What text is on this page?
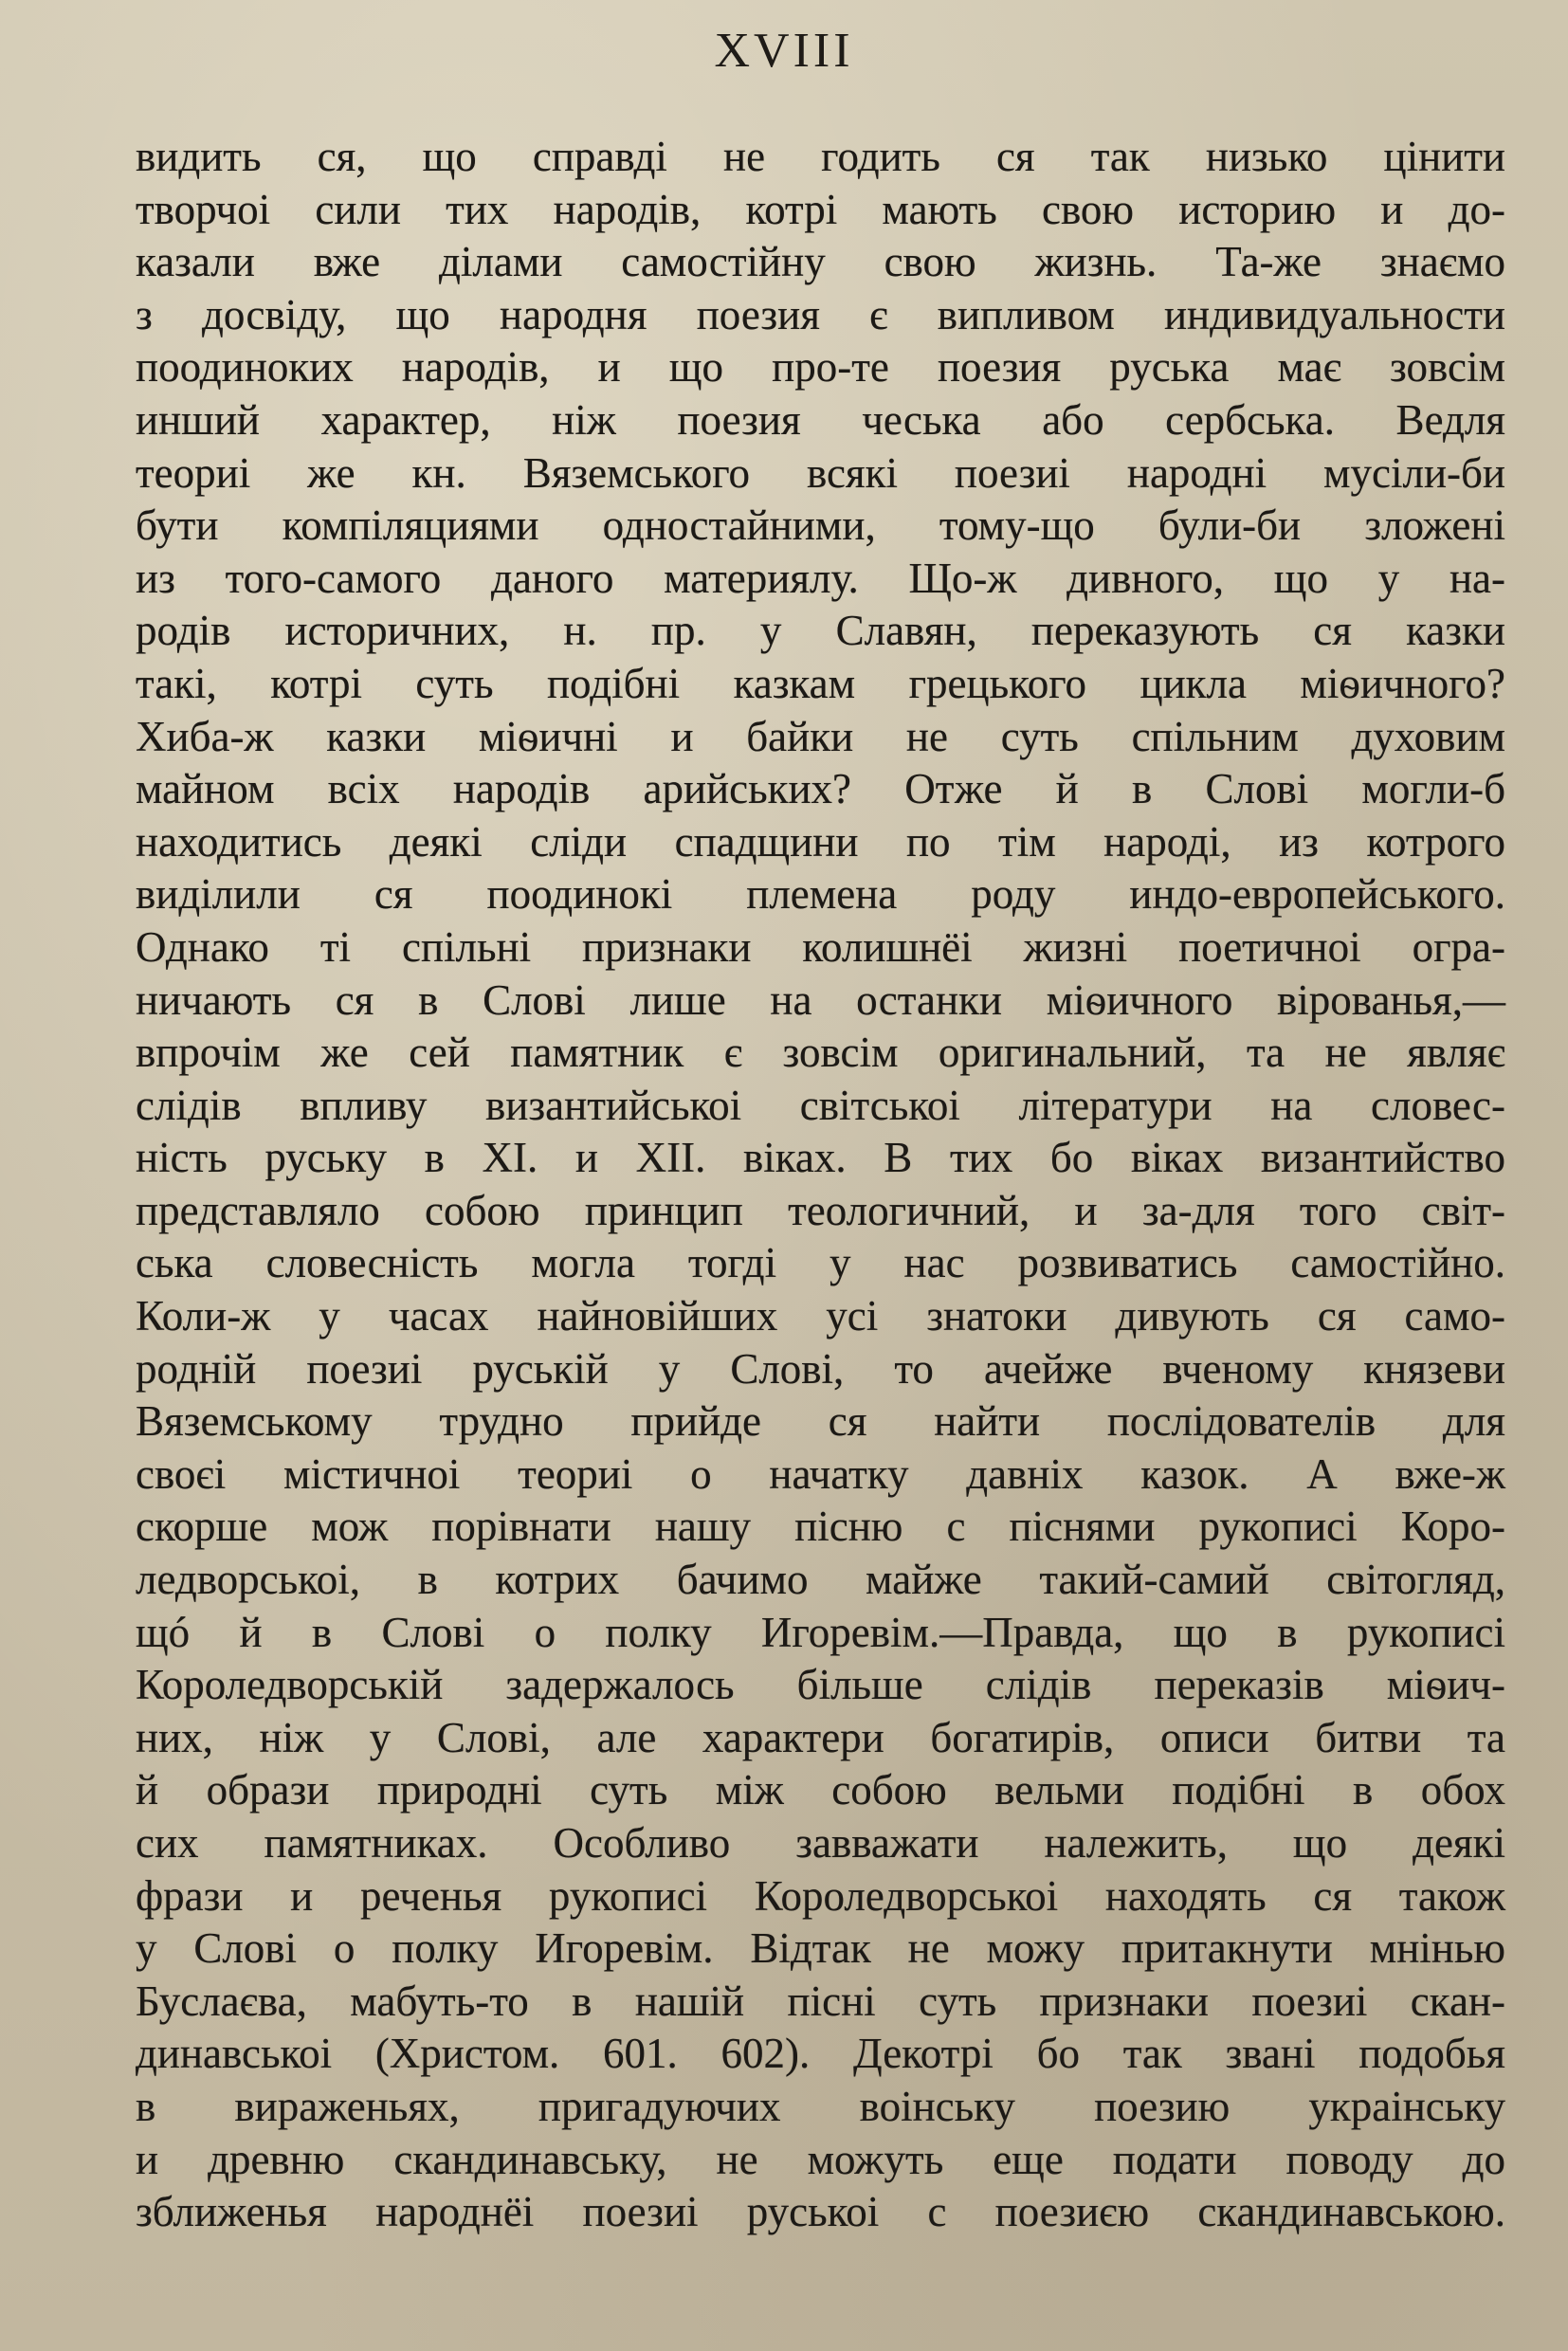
XVIII
видить ся, що справді не годить ся так низько цінити
творчоі сили тих народів, котрі мають свою историю и до-
казали вже ділами самостійну свою жизнь. Та-же знаємо
з досвіду, що народня поезия є випливом индивидуальности
поодиноких народів, и що про-те поезия руська має зовсім
инший характер, ніж поезия чеська або сербська. Ведля
теориі же кн. Вяземського всякі поезиі народні мусіли-би
бути компіляциями одностайними, тому-що були-би зложені
из того-самого даного материялу. Що-ж дивного, що у на-
родів историчних, н. пр. у Славян, переказують ся казки
такі, котрі суть подібні казкам грецького цикла міѳичного?
Хиба-ж казки міѳичні и байки не суть спільним духовим
майном всіх народів арийських? Отже й в Слові могли-б
находитись деякі сліди спадщини по тім народі, из котрого
виділили ся поодинокі племена роду индо-европейського.
Однако ті спільні признаки колишнёі жизні поетичноі огра-
ничають ся в Слові лише на останки міѳичного вірованья,—
впрочім же сей памятник є зовсім оригинальний, та не являє
слідів впливу византийськоі світськоі літератури на словес-
ність руську в XI. и XII. віках. В тих бо віках византийство
представляло собою принцип теологичний, и за-для того світ-
ська словесність могла тогді у нас розвиватись самостійно.
Коли-ж у часах найновійших усі знатоки дивують ся само-
родній поезиі руській у Слові, то ачейже вченому князеви
Вяземському трудно прийде ся найти послідователів для
своєі містичноі теориі о начатку давніх казок. А вже-ж
скорше мож порівнати нашу пісню с піснями рукописі Коро-
ледворськоі, в котрих бачимо майже такий-самий світогляд,
щó й в Слові о полку Игоревім.—Правда, що в рукописі
Короледворській задержалось більше слідів переказів міѳич-
них, ніж у Слові, але характери богатирів, описи битви та
й образи природні суть між собою вельми подібні в обох
сих памятниках. Особливо завважати належить, що деякі
фрази и реченья рукописі Короледворськоі находять ся також
у Слові о полку Игоревім. Відтак не можу притакнути мнінью
Буслаєва, мабуть-то в нашій пісні суть признаки поезиі скан-
динавськоі (Христом. 601. 602). Декотрі бо так звані подобья
в вираженьях, пригадуючих воінську поезию украінську
и древню скандинавську, не можуть еще подати поводу до
зближенья народнёі поезиі руськоі с поезиєю скандинавською.
